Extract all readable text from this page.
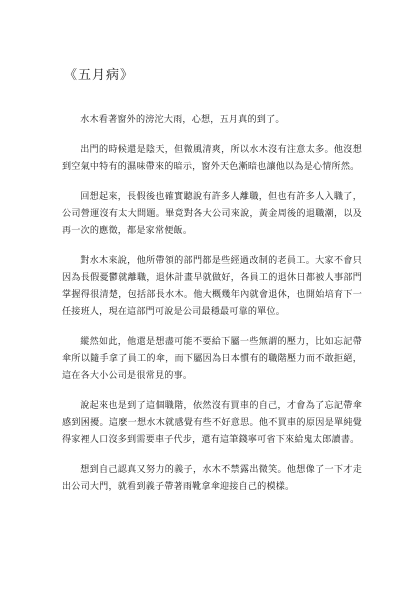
《五月病》

水木看著窗外的滂沱大雨，心想，五月真的到了。

出門的時候還是陰天，但微風清爽，所以水木沒有注意太多。他沒想到空氣中特有的濕味帶來的暗示，窗外天色漸暗也讓他以為是心情所然。

回想起來，長假後也確實聽說有許多人離職，但也有許多人入職了，公司營運沒有太大問題。畢竟對各大公司來說，黃金周後的退職潮，以及再一次的應徵，都是家常便飯。

對水木來說，他所帶領的部門都是些經過改制的老員工。大家不會只因為長假憂鬱就離職，退休計畫早就做好，各員工的退休日都被人事部門掌握得很清楚，包括部長水木。他大概幾年內就會退休，也開始培育下一任接班人，現在這部門可說是公司最穩最可靠的單位。

縱然如此，他還是想盡可能不要給下屬一些無謂的壓力，比如忘記帶傘所以隨手拿了員工的傘，而下屬因為日本慣有的職階壓力而不敢拒絕，這在各大小公司是很常見的事。

說起來也是到了這個職階，依然沒有買車的自己，才會為了忘記帶傘感到困擾。這麼一想水木就感覺有些不好意思。他不買車的原因是單純覺得家裡人口沒多到需要車子代步，還有這筆錢寧可省下來給鬼太郎讀書。

想到自己認真又努力的義子，水木不禁露出微笑。他想像了一下才走出公司大門，就看到義子帶著雨靴拿傘迎接自己的模樣。
